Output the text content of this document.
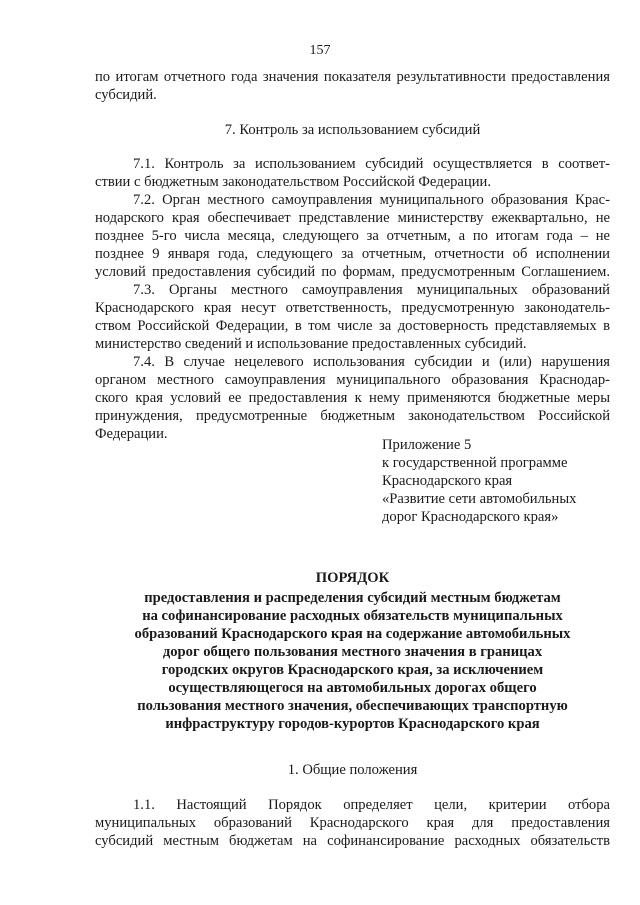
157
по итогам отчетного года значения показателя результативности предоставления
субсидий.
7. Контроль за использованием субсидий
7.1. Контроль за использованием субсидий осуществляется в соответ-
ствии с бюджетным законодательством Российской Федерации.
7.2. Орган местного самоуправления муниципального образования Крас-
нодарского края обеспечивает представление министерству ежеквартально, не
позднее 5-го числа месяца, следующего за отчетным, а по итогам года – не
позднее 9 января года, следующего за отчетным, отчетности об исполнении
условий предоставления субсидий по формам, предусмотренным Соглашением.
7.3. Органы местного самоуправления муниципальных образований
Краснодарского края несут ответственность, предусмотренную законодатель-
ством Российской Федерации, в том числе за достоверность представляемых в
министерство сведений и использование предоставленных субсидий.
7.4. В случае нецелевого использования субсидии и (или) нарушения
органом местного самоуправления муниципального образования Краснодар-
ского края условий ее предоставления к нему применяются бюджетные меры
принуждения, предусмотренные бюджетным законодательством Российской
Федерации.
Приложение 5
к государственной программе
Краснодарского края
«Развитие сети автомобильных
дорог Краснодарского края»
ПОРЯДОК
предоставления и распределения субсидий местным бюджетам
на софинансирование расходных обязательств муниципальных
образований Краснодарского края на содержание автомобильных
дорог общего пользования местного значения в границах
городских округов Краснодарского края, за исключением
осуществляющегося на автомобильных дорогах общего
пользования местного значения, обеспечивающих транспортную
инфраструктуру городов-курортов Краснодарского края
1. Общие положения
1.1. Настоящий Порядок определяет цели, критерии отбора
муниципальных образований Краснодарского края для предоставления
субсидий местным бюджетам на софинансирование расходных обязательств
